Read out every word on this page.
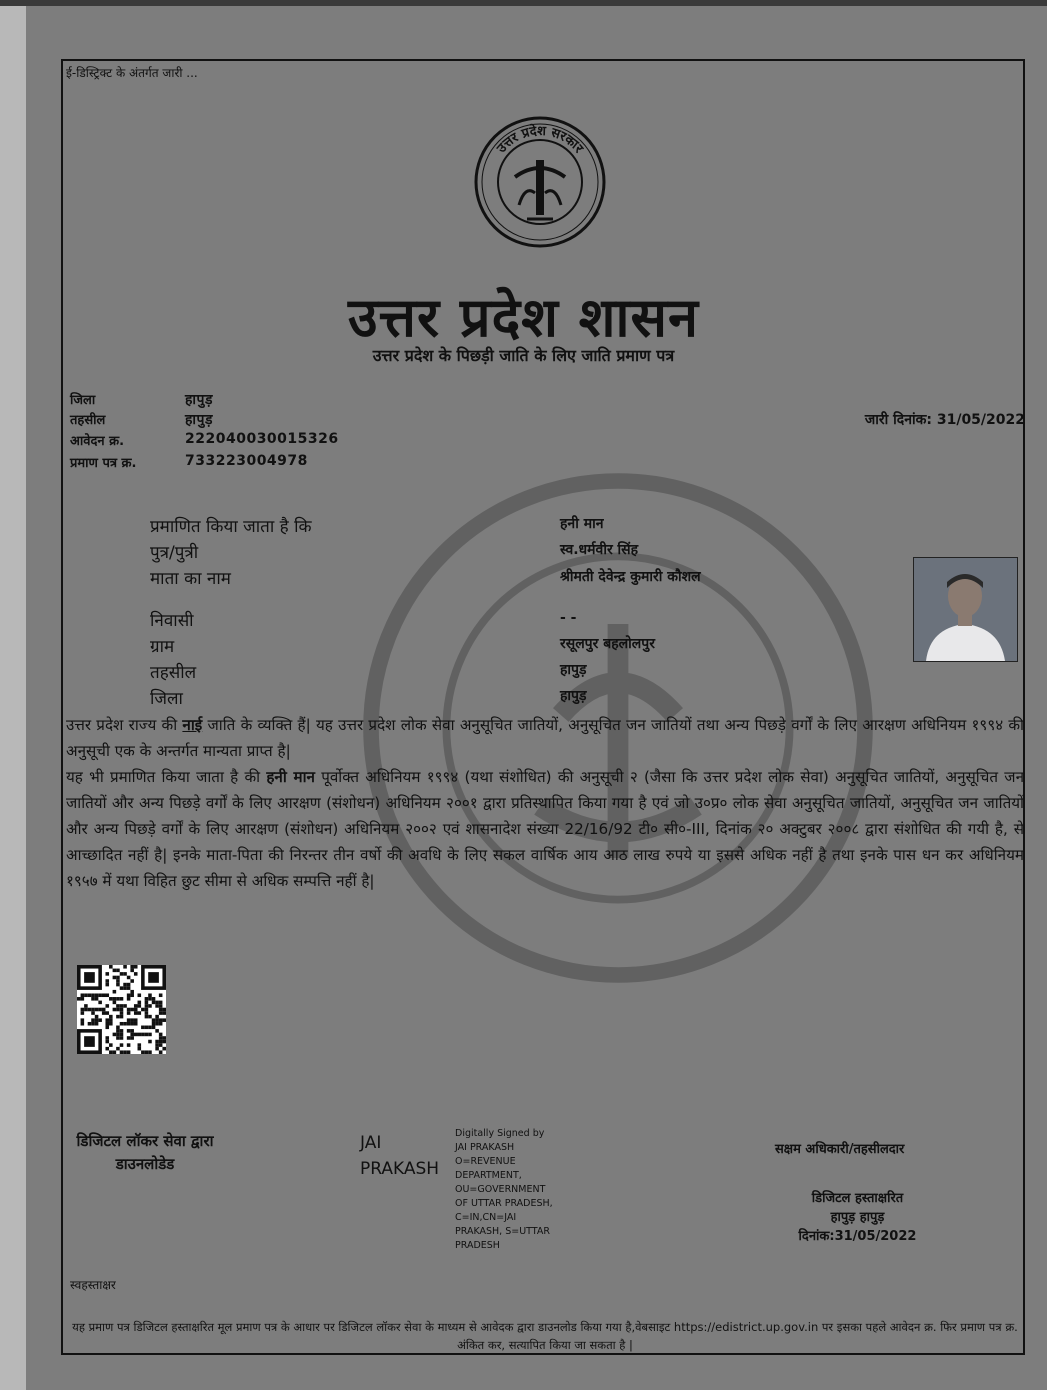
ई-डिस्ट्रिक्ट के अंतर्गत जारी ...
उत्तर प्रदेश सरकार
उत्तर प्रदेश शासन
उत्तर प्रदेश के पिछड़ी जाति के लिए जाति प्रमाण पत्र
जिला	हापुड़
तहसील	हापुड़
आवेदन क्र.	222040030015326
प्रमाण पत्र क्र.	733223004978
जारी दिनांक: 31/05/2022
प्रमाणित किया जाता है कि	हनी मान
पुत्र/पुत्री	स्व.धर्मवीर सिंह
माता का नाम	श्रीमती देवेन्द्र कुमारी कौशल
निवासी	- -
ग्राम	रसूलपुर बहलोलपुर
तहसील	हापुड़
जिला	हापुड़
उत्तर प्रदेश राज्य की नाई जाति के व्यक्ति हैं| यह उत्तर प्रदेश लोक सेवा अनुसूचित जातियों, अनुसूचित जन जातियों तथा अन्य पिछड़े वर्गों के लिए आरक्षण अधिनियम १९९४ की अनुसूची एक के अन्तर्गत मान्यता प्राप्त है|
यह भी प्रमाणित किया जाता है की हनी मान पूर्वोक्त अधिनियम १९९४ (यथा संशोधित) की अनुसूची २ (जैसा कि उत्तर प्रदेश लोक सेवा) अनुसूचित जातियों, अनुसूचित जन जातियों और अन्य पिछड़े वर्गों के लिए आरक्षण (संशोधन) अधिनियम २००१ द्वारा प्रतिस्थापित किया गया है एवं जो उ०प्र० लोक सेवा अनुसूचित जातियों, अनुसूचित जन जातियों और अन्य पिछड़े वर्गों के लिए आरक्षण (संशोधन) अधिनियम २००२ एवं शासनादेश संख्या 22/16/92 टी० सी०-III, दिनांक २० अक्टुबर २००८ द्वारा संशोधित की गयी है, से आच्छादित नहीं है| इनके माता-पिता की निरन्तर तीन वर्षो की अवधि के लिए सकल वार्षिक आय आठ लाख रुपये या इससे अधिक नहीं है तथा इनके पास धन कर अधिनियम १९५७ में यथा विहित छुट सीमा से अधिक सम्पत्ति नहीं है|
डिजिटल लॉकर सेवा द्वारा डाउनलोडेड
JAI PRAKASH
Digitally Signed by JAI PRAKASH O=REVENUE DEPARTMENT, OU=GOVERNMENT OF UTTAR PRADESH, C=IN,CN=JAI PRAKASH, S=UTTAR PRADESH
सक्षम अधिकारी/तहसीलदार
डिजिटल हस्ताक्षरित
हापुड़ हापुड़
दिनांक:31/05/2022
स्वहस्ताक्षर
यह प्रमाण पत्र डिजिटल हस्ताक्षरित मूल प्रमाण पत्र के आधार पर डिजिटल लॉकर सेवा के माध्यम से आवेदक द्वारा डाउनलोड किया गया है,वेबसाइट https://edistrict.up.gov.in पर इसका पहले आवेदन क्र. फिर प्रमाण पत्र क्र. अंकित कर, सत्यापित किया जा सकता है |
